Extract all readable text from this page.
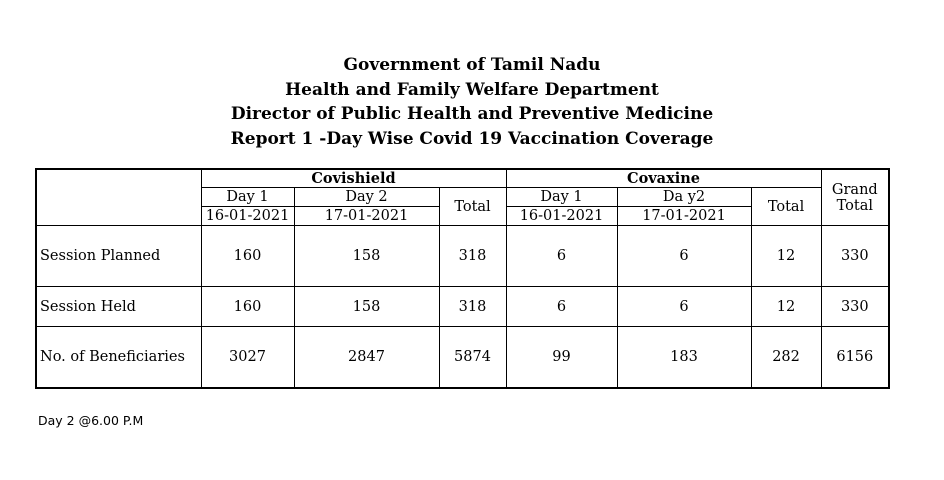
Government of Tamil Nadu
Health and Family Welfare Department
Director of Public Health and Preventive Medicine
Report 1 -Day Wise Covid 19 Vaccination Coverage
	Covishield			Covaxine			Grand
Total

	Day 1	Day 2	Total	Day 1	Da y2	Total	
	16-01-2021	17-01-2021		16-01-2021	17-01-2021		
Session Planned	160	158	318	6	6	12	330
Session Held	160	158	318	6	6	12	330
No. of Beneficiaries	3027	2847	5874	99	183	282	6156
Day 2 @6.00 P.M
